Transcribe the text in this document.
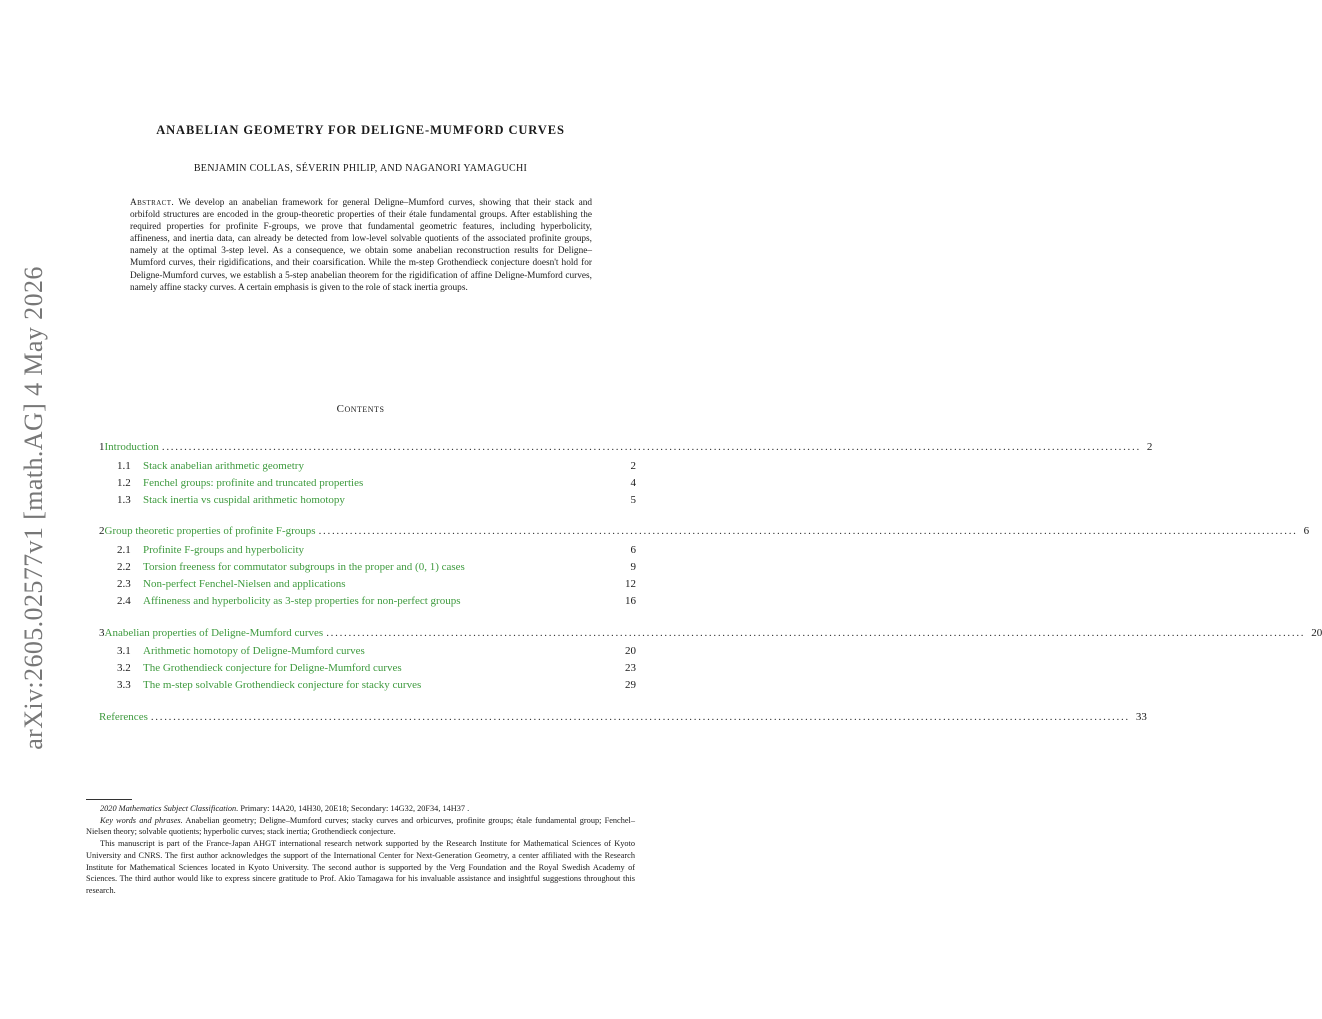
arXiv:2605.02577v1 [math.AG] 4 May 2026
ANABELIAN GEOMETRY FOR DELIGNE-MUMFORD CURVES
BENJAMIN COLLAS, SÉVERIN PHILIP, AND NAGANORI YAMAGUCHI
Abstract. We develop an anabelian framework for general Deligne–Mumford curves, showing that their stack and orbifold structures are encoded in the group-theoretic properties of their étale fundamental groups. After establishing the required properties for profinite F-groups, we prove that fundamental geometric features, including hyperbolicity, affineness, and inertia data, can already be detected from low-level solvable quotients of the associated profinite groups, namely at the optimal 3-step level. As a consequence, we obtain some anabelian reconstruction results for Deligne–Mumford curves, their rigidifications, and their coarsification. While the m-step Grothendieck conjecture doesn't hold for Deligne-Mumford curves, we establish a 5-step anabelian theorem for the rigidification of affine Deligne-Mumford curves, namely affine stacky curves. A certain emphasis is given to the role of stack inertia groups.
Contents
1 Introduction ............................................................................................................................................................................................................................ 2
1.1	Stack anabelian arithmetic geometry	2
1.2	Fenchel groups: profinite and truncated properties	4
1.3	Stack inertia vs cuspidal arithmetic homotopy	5
2 Group theoretic properties of profinite F-groups ............................................................................................................................................................................................................................ 6
2.1	Profinite F-groups and hyperbolicity	6
2.2	Torsion freeness for commutator subgroups in the proper and (0, 1) cases	9
2.3	Non-perfect Fenchel-Nielsen and applications	12
2.4	Affineness and hyperbolicity as 3-step properties for non-perfect groups	16
3 Anabelian properties of Deligne-Mumford curves ............................................................................................................................................................................................................................ 20
3.1	Arithmetic homotopy of Deligne-Mumford curves	20
3.2	The Grothendieck conjecture for Deligne-Mumford curves	23
3.3	The m-step solvable Grothendieck conjecture for stacky curves	29
References ............................................................................................................................................................................................................................ 33

2020 Mathematics Subject Classification. Primary: 14A20, 14H30, 20E18; Secondary: 14G32, 20F34, 14H37 .

Key words and phrases. Anabelian geometry; Deligne–Mumford curves; stacky curves and orbicurves, profinite groups; étale fundamental group; Fenchel–Nielsen theory; solvable quotients; hyperbolic curves; stack inertia; Grothendieck conjecture.

This manuscript is part of the France-Japan AHGT international research network supported by the Research Institute for Mathematical Sciences of Kyoto University and CNRS. The first author acknowledges the support of the International Center for Next-Generation Geometry, a center affiliated with the Research Institute for Mathematical Sciences located in Kyoto University. The second author is supported by the Verg Foundation and the Royal Swedish Academy of Sciences. The third author would like to express sincere gratitude to Prof. Akio Tamagawa for his invaluable assistance and insightful suggestions throughout this research.
